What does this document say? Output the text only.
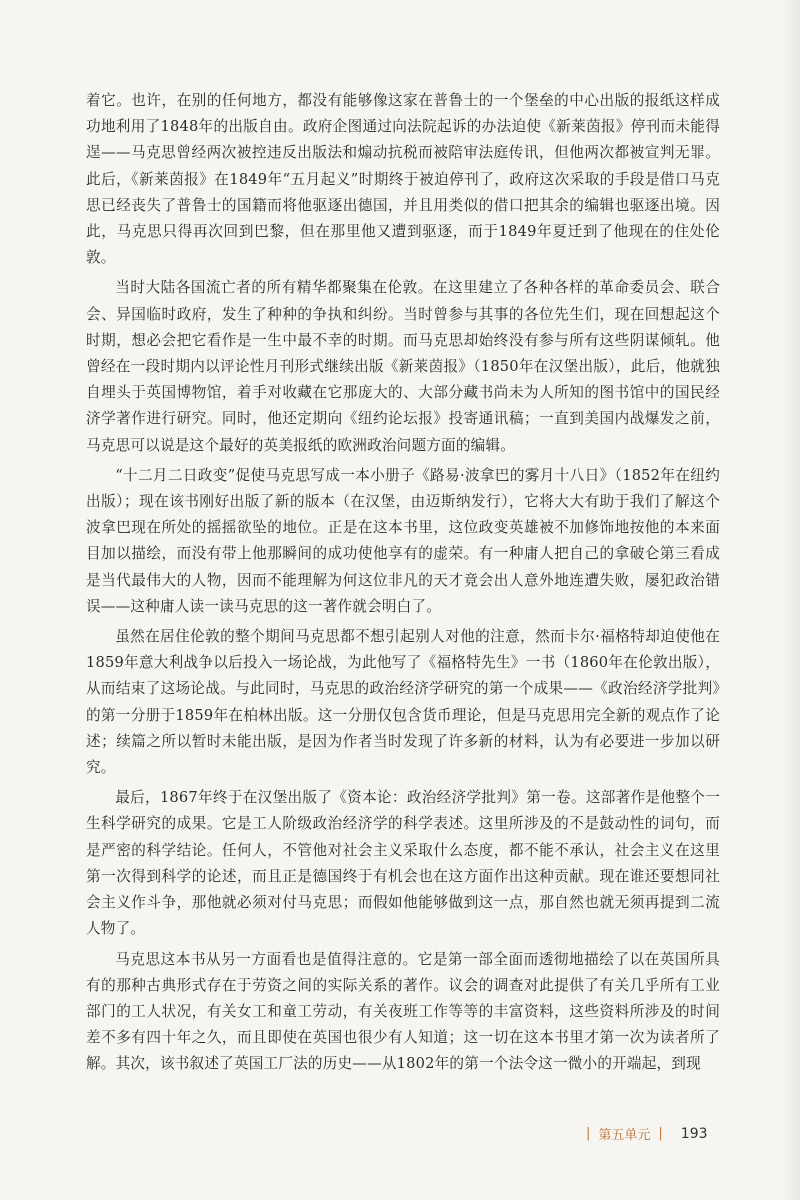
着它。也许，在别的任何地方，都没有能够像这家在普鲁士的一个堡垒的中心出版的报纸这样成功地利用了1848年的出版自由。政府企图通过向法院起诉的办法迫使《新莱茵报》停刊而未能得逞——马克思曾经两次被控违反出版法和煽动抗税而被陪审法庭传讯，但他两次都被宣判无罪。此后，《新莱茵报》在1849年“五月起义”时期终于被迫停刊了，政府这次采取的手段是借口马克思已经丧失了普鲁士的国籍而将他驱逐出德国，并且用类似的借口把其余的编辑也驱逐出境。因此，马克思只得再次回到巴黎，但在那里他又遭到驱逐，而于1849年夏迁到了他现在的住处伦敦。

当时大陆各国流亡者的所有精华都聚集在伦敦。在这里建立了各种各样的革命委员会、联合会、异国临时政府，发生了种种的争执和纠纷。当时曾参与其事的各位先生们，现在回想起这个时期，想必会把它看作是一生中最不幸的时期。而马克思却始终没有参与所有这些阴谋倾轧。他曾经在一段时期内以评论性月刊形式继续出版《新莱茵报》（1850年在汉堡出版），此后，他就独自埋头于英国博物馆，着手对收藏在它那庞大的、大部分藏书尚未为人所知的图书馆中的国民经济学著作进行研究。同时，他还定期向《纽约论坛报》投寄通讯稿；一直到美国内战爆发之前，马克思可以说是这个最好的英美报纸的欧洲政治问题方面的编辑。

“十二月二日政变”促使马克思写成一本小册子《路易·波拿巴的雾月十八日》（1852年在纽约出版）；现在该书刚好出版了新的版本（在汉堡，由迈斯纳发行），它将大大有助于我们了解这个波拿巴现在所处的摇摇欲坠的地位。正是在这本书里，这位政变英雄被不加修饰地按他的本来面目加以描绘，而没有带上他那瞬间的成功使他享有的虚荣。有一种庸人把自己的拿破仑第三看成是当代最伟大的人物，因而不能理解为何这位非凡的天才竟会出人意外地连遭失败，屡犯政治错误——这种庸人读一读马克思的这一著作就会明白了。

虽然在居住伦敦的整个期间马克思都不想引起别人对他的注意，然而卡尔·福格特却迫使他在1859年意大利战争以后投入一场论战，为此他写了《福格特先生》一书（1860年在伦敦出版），从而结束了这场论战。与此同时，马克思的政治经济学研究的第一个成果——《政治经济学批判》的第一分册于1859年在柏林出版。这一分册仅包含货币理论，但是马克思用完全新的观点作了论述；续篇之所以暂时未能出版，是因为作者当时发现了许多新的材料，认为有必要进一步加以研究。

最后，1867年终于在汉堡出版了《资本论：政治经济学批判》第一卷。这部著作是他整个一生科学研究的成果。它是工人阶级政治经济学的科学表述。这里所涉及的不是鼓动性的词句，而是严密的科学结论。任何人，不管他对社会主义采取什么态度，都不能不承认，社会主义在这里第一次得到科学的论述，而且正是德国终于有机会也在这方面作出这种贡献。现在谁还要想同社会主义作斗争，那他就必须对付马克思；而假如他能够做到这一点，那自然也就无须再提到二流人物了。

马克思这本书从另一方面看也是值得注意的。它是第一部全面而透彻地描绘了以在英国所具有的那种古典形式存在于劳资之间的实际关系的著作。议会的调查对此提供了有关几乎所有工业部门的工人状况，有关女工和童工劳动，有关夜班工作等等的丰富资料，这些资料所涉及的时间差不多有四十年之久，而且即使在英国也很少有人知道；这一切在这本书里才第一次为读者所了解。其次，该书叙述了英国工厂法的历史——从1802年的第一个法令这一微小的开端起，到现

| 第五单元 | 193
